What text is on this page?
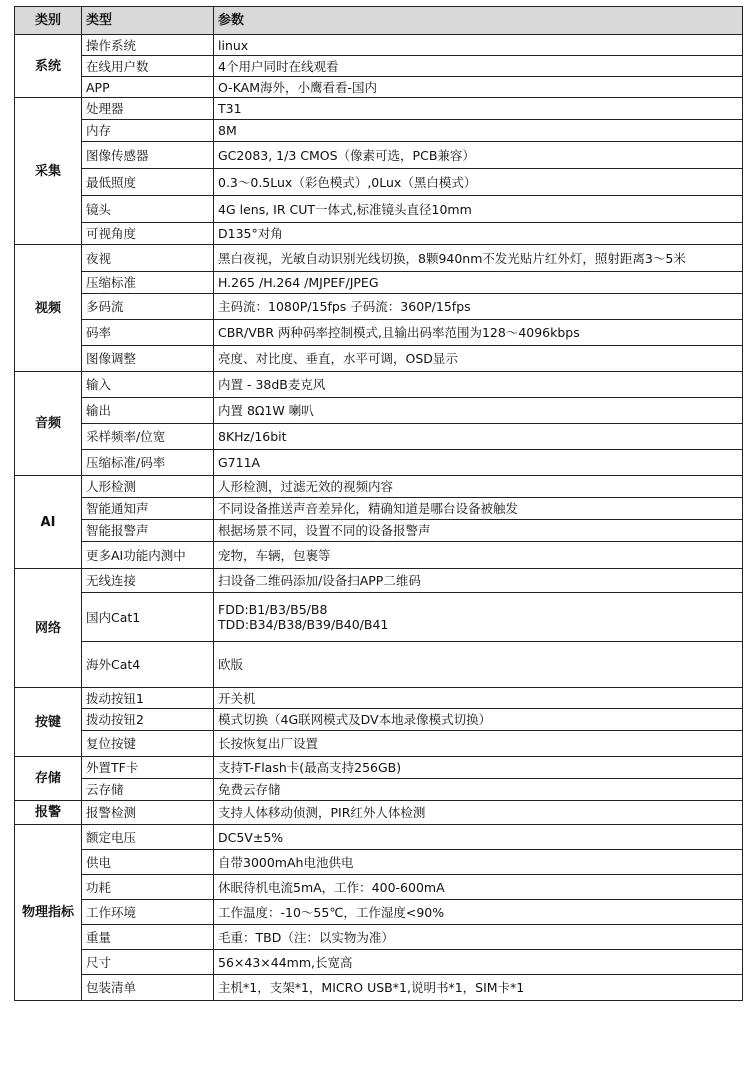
类别	类型	参数
系统	操作系统	linux
	在线用户数	4个用户同时在线观看
	APP	O-KAM海外，小鹰看看-国内
采集	处理器	T31
	内存	8M
	图像传感器	GC2083, 1/3 CMOS（像素可选，PCB兼容）
	最低照度	0.3～0.5Lux（彩色模式）,0Lux（黑白模式）
	镜头	4G lens, IR CUT一体式,标准镜头直径10mm
	可视角度	D135°对角
视频	夜视	黑白夜视，光敏自动识别光线切换，8颗940nm不发光贴片红外灯，照射距离3～5米
	压缩标准	H.265 /H.264 /MJPEF/JPEG
	多码流	主码流：1080P/15fps 子码流：360P/15fps
	码率	CBR/VBR 两种码率控制模式,且输出码率范围为128～4096kbps
	图像调整	亮度、对比度、垂直，水平可调，OSD显示
音频	输入	内置 - 38dB麦克风
	输出	内置 8Ω1W 喇叭
	采样频率/位宽	8KHz/16bit
	压缩标准/码率	G711A
AI	人形检测	人形检测，过滤无效的视频内容
	智能通知声	不同设备推送声音差异化，精确知道是哪台设备被触发
	智能报警声	根据场景不同，设置不同的设备报警声
	更多AI功能内测中	宠物，车辆，包裹等
网络	无线连接	扫设备二维码添加/设备扫APP二维码
	国内Cat1	FDD:B1/B3/B5/B8
TDD:B34/B38/B39/B40/B41
	海外Cat4	欧版
按键	拨动按钮1	开关机
	拨动按钮2	模式切换（4G联网模式及DV本地录像模式切换）
	复位按键	长按恢复出厂设置
存储	外置TF卡	支持T-Flash卡(最高支持256GB)
	云存储	免费云存储
报警	报警检测	支持人体移动侦测，PIR红外人体检测
物理指标	额定电压	DC5V±5%
	供电	自带3000mAh电池供电
	功耗	休眠待机电流5mA，工作：400-600mA
	工作环境	工作温度：-10～55℃，工作湿度<90%
	重量	毛重：TBD（注：以实物为准）
	尺寸	56×43×44mm,长宽高
	包装清单	主机*1，支架*1，MICRO USB*1,说明书*1，SIM卡*1
